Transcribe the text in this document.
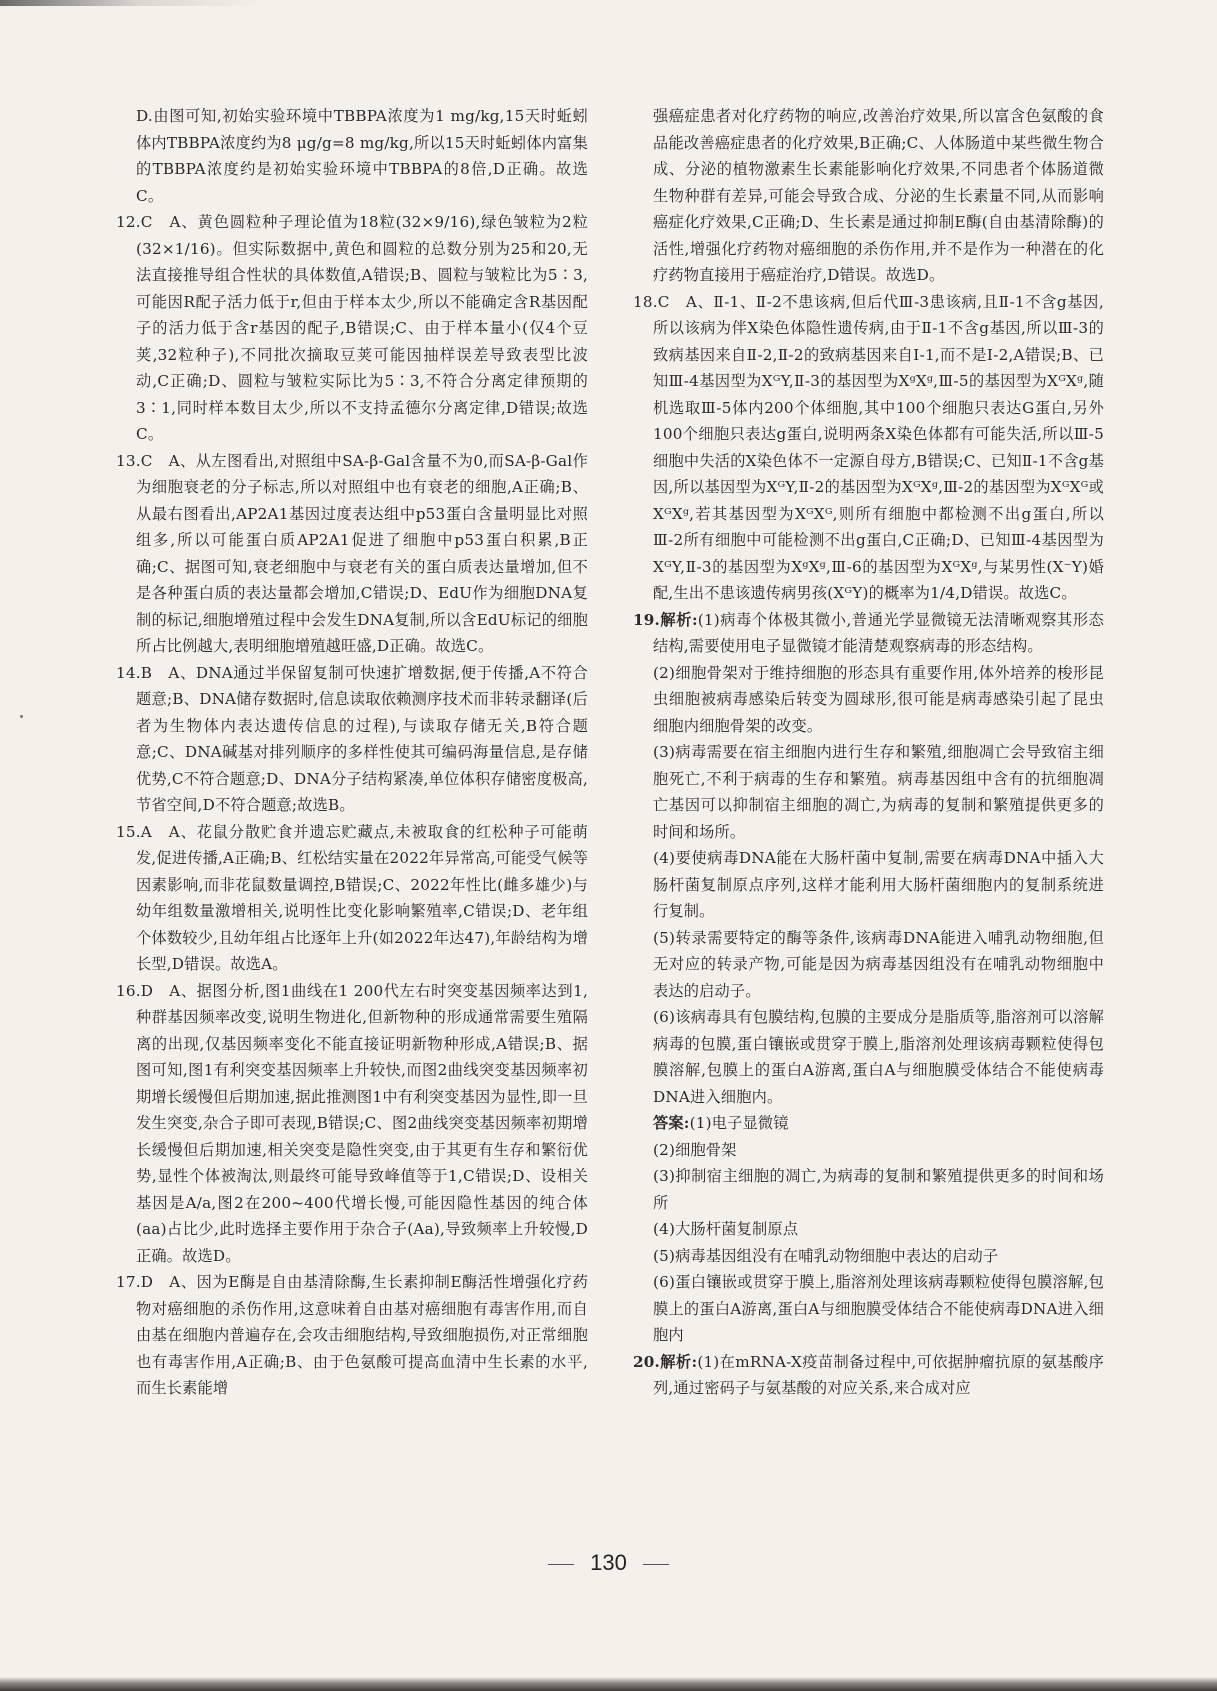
D.由图可知,初始实验环境中TBBPA浓度为1 mg/kg,15天时蚯蚓体内TBBPA浓度约为8 μg/g=8 mg/kg,所以15天时蚯蚓体内富集的TBBPA浓度约是初始实验环境中TBBPA的8倍,D正确。故选C。
12.C　A、黄色圆粒种子理论值为18粒(32×9/16),绿色皱粒为2粒(32×1/16)。但实际数据中,黄色和圆粒的总数分别为25和20,无法直接推导组合性状的具体数值,A错误;B、圆粒与皱粒比为5∶3,可能因R配子活力低于r,但由于样本太少,所以不能确定含R基因配子的活力低于含r基因的配子,B错误;C、由于样本量小(仅4个豆荚,32粒种子),不同批次摘取豆荚可能因抽样误差导致表型比波动,C正确;D、圆粒与皱粒实际比为5∶3,不符合分离定律预期的3∶1,同时样本数目太少,所以不支持孟德尔分离定律,D错误;故选C。
13.C　A、从左图看出,对照组中SA-β-Gal含量不为0,而SA-β-Gal作为细胞衰老的分子标志,所以对照组中也有衰老的细胞,A正确;B、从最右图看出,AP2A1基因过度表达组中p53蛋白含量明显比对照组多,所以可能蛋白质AP2A1促进了细胞中p53蛋白积累,B正确;C、据图可知,衰老细胞中与衰老有关的蛋白质表达量增加,但不是各种蛋白质的表达量都会增加,C错误;D、EdU作为细胞DNA复制的标记,细胞增殖过程中会发生DNA复制,所以含EdU标记的细胞所占比例越大,表明细胞增殖越旺盛,D正确。故选C。
14.B　A、DNA通过半保留复制可快速扩增数据,便于传播,A不符合题意;B、DNA储存数据时,信息读取依赖测序技术而非转录翻译(后者为生物体内表达遗传信息的过程),与读取存储无关,B符合题意;C、DNA碱基对排列顺序的多样性使其可编码海量信息,是存储优势,C不符合题意;D、DNA分子结构紧凑,单位体积存储密度极高,节省空间,D不符合题意;故选B。
15.A　A、花鼠分散贮食并遗忘贮藏点,未被取食的红松种子可能萌发,促进传播,A正确;B、红松结实量在2022年异常高,可能受气候等因素影响,而非花鼠数量调控,B错误;C、2022年性比(雌多雄少)与幼年组数量激增相关,说明性比变化影响繁殖率,C错误;D、老年组个体数较少,且幼年组占比逐年上升(如2022年达47),年龄结构为增长型,D错误。故选A。
16.D　A、据图分析,图1曲线在1 200代左右时突变基因频率达到1,种群基因频率改变,说明生物进化,但新物种的形成通常需要生殖隔离的出现,仅基因频率变化不能直接证明新物种形成,A错误;B、据图可知,图1有利突变基因频率上升较快,而图2曲线突变基因频率初期增长缓慢但后期加速,据此推测图1中有利突变基因为显性,即一旦发生突变,杂合子即可表现,B错误;C、图2曲线突变基因频率初期增长缓慢但后期加速,相关突变是隐性突变,由于其更有生存和繁衍优势,显性个体被淘汰,则最终可能导致峰值等于1,C错误;D、设相关基因是A/a,图2在200~400代增长慢,可能因隐性基因的纯合体(aa)占比少,此时选择主要作用于杂合子(Aa),导致频率上升较慢,D正确。故选D。
17.D　A、因为E酶是自由基清除酶,生长素抑制E酶活性增强化疗药物对癌细胞的杀伤作用,这意味着自由基对癌细胞有毒害作用,而自由基在细胞内普遍存在,会攻击细胞结构,导致细胞损伤,对正常细胞也有毒害作用,A正确;B、由于色氨酸可提高血清中生长素的水平,而生长素能增
强癌症患者对化疗药物的响应,改善治疗效果,所以富含色氨酸的食品能改善癌症患者的化疗效果,B正确;C、人体肠道中某些微生物合成、分泌的植物激素生长素能影响化疗效果,不同患者个体肠道微生物种群有差异,可能会导致合成、分泌的生长素量不同,从而影响癌症化疗效果,C正确;D、生长素是通过抑制E酶(自由基清除酶)的活性,增强化疗药物对癌细胞的杀伤作用,并不是作为一种潜在的化疗药物直接用于癌症治疗,D错误。故选D。
18.C　A、Ⅱ-1、Ⅱ-2不患该病,但后代Ⅲ-3患该病,且Ⅱ-1不含g基因,所以该病为伴X染色体隐性遗传病,由于Ⅱ-1不含g基因,所以Ⅲ-3的致病基因来自Ⅱ-2,Ⅱ-2的致病基因来自Ⅰ-1,而不是Ⅰ-2,A错误;B、已知Ⅲ-4基因型为XᴳY,Ⅱ-3的基因型为XᵍXᵍ,Ⅲ-5的基因型为XᴳXᵍ,随机选取Ⅲ-5体内200个体细胞,其中100个细胞只表达G蛋白,另外100个细胞只表达g蛋白,说明两条X染色体都有可能失活,所以Ⅲ-5细胞中失活的X染色体不一定源自母方,B错误;C、已知Ⅱ-1不含g基因,所以基因型为XᴳY,Ⅱ-2的基因型为XᴳXᵍ,Ⅲ-2的基因型为XᴳXᴳ或XᴳXᵍ,若其基因型为XᴳXᴳ,则所有细胞中都检测不出g蛋白,所以Ⅲ-2所有细胞中可能检测不出g蛋白,C正确;D、已知Ⅲ-4基因型为XᴳY,Ⅱ-3的基因型为XᵍXᵍ,Ⅲ-6的基因型为XᴳXᵍ,与某男性(X⁻Y)婚配,生出不患该遗传病男孩(XᴳY)的概率为1/4,D错误。故选C。
19.解析:(1)病毒个体极其微小,普通光学显微镜无法清晰观察其形态结构,需要使用电子显微镜才能清楚观察病毒的形态结构。
(2)细胞骨架对于维持细胞的形态具有重要作用,体外培养的梭形昆虫细胞被病毒感染后转变为圆球形,很可能是病毒感染引起了昆虫细胞内细胞骨架的改变。
(3)病毒需要在宿主细胞内进行生存和繁殖,细胞凋亡会导致宿主细胞死亡,不利于病毒的生存和繁殖。病毒基因组中含有的抗细胞凋亡基因可以抑制宿主细胞的凋亡,为病毒的复制和繁殖提供更多的时间和场所。
(4)要使病毒DNA能在大肠杆菌中复制,需要在病毒DNA中插入大肠杆菌复制原点序列,这样才能利用大肠杆菌细胞内的复制系统进行复制。
(5)转录需要特定的酶等条件,该病毒DNA能进入哺乳动物细胞,但无对应的转录产物,可能是因为病毒基因组没有在哺乳动物细胞中表达的启动子。
(6)该病毒具有包膜结构,包膜的主要成分是脂质等,脂溶剂可以溶解病毒的包膜,蛋白镶嵌或贯穿于膜上,脂溶剂处理该病毒颗粒使得包膜溶解,包膜上的蛋白A游离,蛋白A与细胞膜受体结合不能使病毒DNA进入细胞内。
答案:(1)电子显微镜
(2)细胞骨架
(3)抑制宿主细胞的凋亡,为病毒的复制和繁殖提供更多的时间和场所
(4)大肠杆菌复制原点
(5)病毒基因组没有在哺乳动物细胞中表达的启动子
(6)蛋白镶嵌或贯穿于膜上,脂溶剂处理该病毒颗粒使得包膜溶解,包膜上的蛋白A游离,蛋白A与细胞膜受体结合不能使病毒DNA进入细胞内
20.解析:(1)在mRNA-X疫苗制备过程中,可依据肿瘤抗原的氨基酸序列,通过密码子与氨基酸的对应关系,来合成对应
130
